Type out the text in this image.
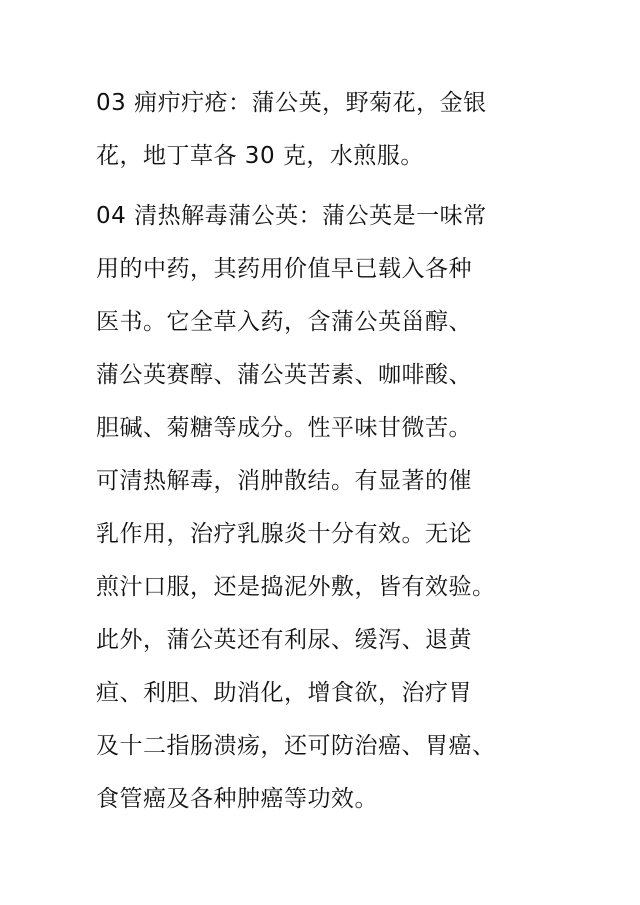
03 痈疖疔疮：蒲公英，野菊花，金银
花，地丁草各 30 克，水煎服。

04 清热解毒蒲公英：蒲公英是一味常
用的中药，其药用价值早已载入各种
医书。它全草入药，含蒲公英甾醇、
蒲公英赛醇、蒲公英苦素、咖啡酸、
胆碱、菊糖等成分。性平味甘微苦。
可清热解毒，消肿散结。有显著的催
乳作用，治疗乳腺炎十分有效。无论
煎汁口服，还是捣泥外敷，皆有效验。
此外，蒲公英还有利尿、缓泻、退黄
疸、利胆、助消化，增食欲，治疗胃
及十二指肠溃疡，还可防治癌、胃癌、
食管癌及各种肿癌等功效。
